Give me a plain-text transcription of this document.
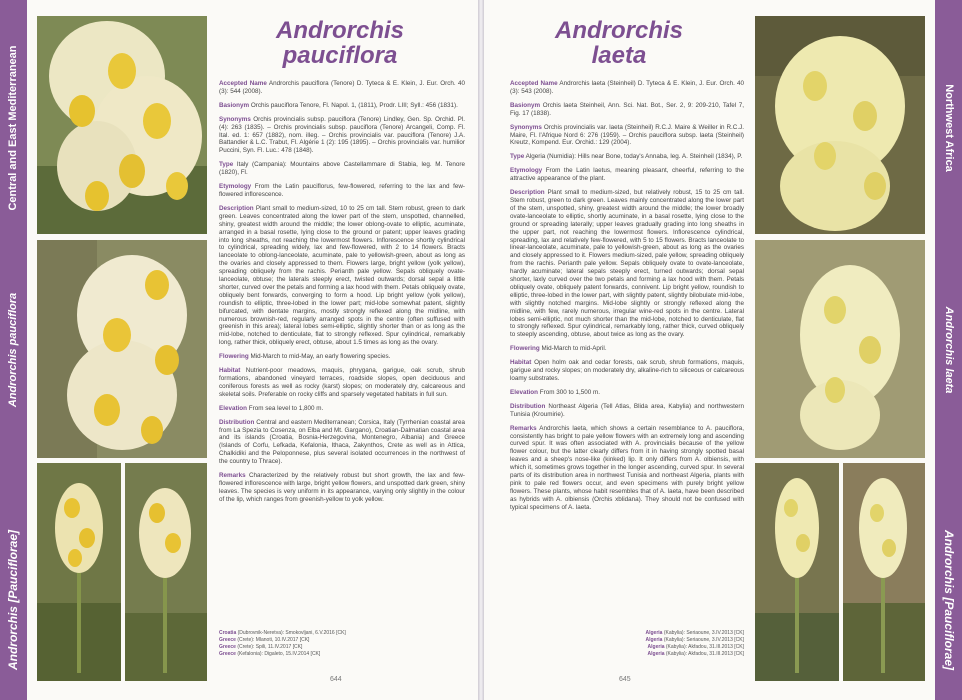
Central and East Mediterranean
Androrchis pauciflora
Androrchis [Pauciflorae]
Androrchis
pauciflora

Accepted Name Androrchis pauciflora (Tenore) D. Tyteca & E. Klein, J. Eur. Orch. 40 (3): 544 (2008).

Basionym Orchis pauciflora Tenore, Fl. Napol. 1, (1811), Prodr. LIII; Syll.: 456 (1831).

Synonyms Orchis provincialis subsp. pauciflora (Tenore) Lindley, Gen. Sp. Orchid. Pl. (4): 263 (1835). – Orchis provincialis subsp. pauciflora (Tenore) Arcangeli, Comp. Fl. Ital. ed. 1: 657 (1882), nom. illeg. – Orchis provincialis var. pauciflora (Tenore) J.A. Battandier & L.C. Trabut, Fl. Algérie 1 (2): 195 (1895). – Orchis provincialis var. humilior Puccini, Syn. Fl. Luc.: 478 (1848).

Type Italy (Campania): Mountains above Castellammare di Stabia, leg. M. Tenore (1820), Fl.

Etymology From the Latin pauciflorus, few-flowered, referring to the lax and few-flowered inflorescence.

Description Plant small to medium-sized, 10 to 25 cm tall. Stem robust, green to dark green. Leaves concentrated along the lower part of the stem, unspotted, channelled, shiny, greatest width around the middle; the lower oblong-ovate to elliptic, acuminate, arranged in a basal rosette, lying close to the ground or patent; upper leaves grading into long sheaths, not reaching the lowermost flowers. Inflorescence shortly cylindrical to cylindrical, spreading widely, lax and few-flowered, with 2 to 14 flowers. Bracts lanceolate to oblong-lanceolate, acuminate, pale to yellowish-green, about as long as the ovaries and closely appressed to them. Flowers large, bright yellow (yolk yellow), spreading obliquely from the rachis. Perianth pale yellow. Sepals obliquely ovate-lanceolate, obtuse; the laterals steeply erect, twisted outwards; dorsal sepal a little shorter, curved over the petals and forming a lax hood with them. Petals obliquely ovate, obliquely bent forwards, converging to form a hood. Lip bright yellow (yolk yellow), roundish to elliptic, three-lobed in the lower part; mid-lobe somewhat patent, slightly bifurcated, with dentate margins, mostly strongly reflexed along the midline, with numerous brownish-red, regularly arranged spots in the centre (often suffused with greenish in this area); lateral lobes semi-elliptic, slightly shorter than or as long as the mid-lobe, notched to denticulate, flat to strongly reflexed. Spur cylindrical, remarkably long, rather thick, obliquely erect, obtuse, about 1.5 times as long as the ovary.

Flowering Mid-March to mid-May, an early flowering species.

Habitat Nutrient-poor meadows, maquis, phrygana, garigue, oak scrub, shrub formations, abandoned vineyard terraces, roadside slopes, open deciduous and coniferous forests as well as rocky (karst) slopes; on moderately dry, calcareous and skeletal soils. Preferable on rocky cliffs and sparsely vegetated habitats in full sun.

Elevation From sea level to 1,800 m.

Distribution Central and eastern Mediterranean; Corsica, Italy (Tyrrhenian coastal area from La Spezia to Cosenza, on Elba and Mt. Gargano), Croatian-Dalmatian coastal area and its islands (Croatia, Bosnia-Herzegovina, Montenegro, Albania) and Greece (Islands of Corfu, Lefkada, Kefalonia, Ithaca, Zakynthos, Crete as well as in Attica, Chalkidiki and the Peloponnese, plus several isolated occurrences in the northwest of the country to Thrace).

Remarks Characterized by the relatively robust but short growth, the lax and few-flowered inflorescence with large, bright yellow flowers, and unspotted dark green, shiny leaves. The species is very uniform in its appearance, varying only slightly in the colour of the lip, which ranges from greenish-yellow to yolk yellow.

Croatia (Dubrovnik-Neretva): Smokovljani, 6.V.2016 [CK]
Greece (Crete): Mlanoti, 10.IV.2017 [CK]
Greece (Crete): Spili, 11.IV.2017 [CK]
Greece (Kefalonia): Digaleto, 15.IV.2014 [CK]
644
Androrchis
laeta

Accepted Name Androrchis laeta (Steinheil) D. Tyteca & E. Klein, J. Eur. Orch. 40 (3): 543 (2008).

Basionym Orchis laeta Steinheil, Ann. Sci. Nat. Bot., Ser. 2, 9: 209-210, Tafel 7, Fig. 17 (1838).

Synonyms Orchis provincialis var. laeta (Steinheil) R.C.J. Maire & Weiller in R.C.J. Maire, Fl. l'Afrique Nord 6: 276 (1959). – Orchis pauciflora subsp. laeta (Steinheil) Kreutz, Kompend. Eur. Orchid.: 129 (2004).

Type Algeria (Numidia): Hills near Bone, today's Annaba, leg. A. Steinheil (1834), P.

Etymology From the Latin laetus, meaning pleasant, cheerful, referring to the attractive appearance of the plant.

Description Plant small to medium-sized, but relatively robust, 15 to 25 cm tall. Stem robust, green to dark green. Leaves mainly concentrated along the lower part of the stem, unspotted, shiny, greatest width around the middle; the lower broadly ovate-lanceolate to elliptic, shortly acuminate, in a basal rosette, lying close to the ground or spreading laterally; upper leaves gradually grading into long sheaths in the upper part, not reaching the lowermost flowers. Inflorescence cylindrical, spreading, lax and relatively few-flowered, with 5 to 15 flowers. Bracts lanceolate to linear-lanceolate, acuminate, pale to yellowish-green, about as long as the ovaries and closely appressed to it. Flowers medium-sized, pale yellow, spreading obliquely from the rachis. Perianth pale yellow. Sepals obliquely ovate to ovate-lanceolate, hardly acuminate; lateral sepals steeply erect, turned outwards; dorsal sepal shorter, laxly curved over the two petals and forming a lax hood with them. Petals obliquely ovate, obliquely patent forwards, connivent. Lip bright yellow, roundish to elliptic, three-lobed in the lower part, with slightly patent, slightly bilobulate mid-lobe, with slightly notched margins. Mid-lobe slightly or strongly reflexed along the midline, with few, rarely numerous, irregular wine-red spots in the centre. Lateral lobes semi-elliptic, not much shorter than the mid-lobe, notched to denticulate, flat to strongly reflexed. Spur cylindrical, remarkably long, rather thick, curved obliquely to steeply ascending, obtuse, about twice as long as the ovary.

Flowering Mid-March to mid-April.

Habitat Open holm oak and cedar forests, oak scrub, shrub formations, maquis, garigue and rocky slopes; on moderately dry, alkaline-rich to siliceous or calcareous loamy substrates.

Elevation From 300 to 1,500 m.

Distribution Northeast Algeria (Tell Atlas, Blida area, Kabylia) and northwestern Tunisia (Kroumirie).

Remarks Androrchis laeta, which shows a certain resemblance to A. pauciflora, consistently has bright to pale yellow flowers with an extremely long and ascending curved spur. It was often associated with A. provincialis because of the yellow flower colour, but the latter clearly differs from it in having strongly spotted basal leaves and a sheep's nose-like (kinked) lip. It only differs from A. olbiensis, with which it, sometimes grows together in the longer ascending, curved spur. In several parts of its distribution area in northwest Tunisia and northeast Algeria, plants with pink to pale red flowers occur, and even specimens with purely bright yellow flowers. These plants, whose habit resembles that of A. laeta, have been described as hybrids with A. olbiensis (Orchis xblidana). They should not be confused with typical specimens of A. laeta.

Algeria (Kabylia): Seriaoune, 3.IV.2013 [CK]
Algeria (Kabylia): Seriaoune, 3.IV.2013 [CK]
Algeria (Kabylia): Akfadou, 31.III.2013 [CK]
Algeria (Kabylia): Akfadou, 31.III.2013 [CK]
645
Northwest Africa
Androrchis laeta
Androrchis [Pauciflorae]
